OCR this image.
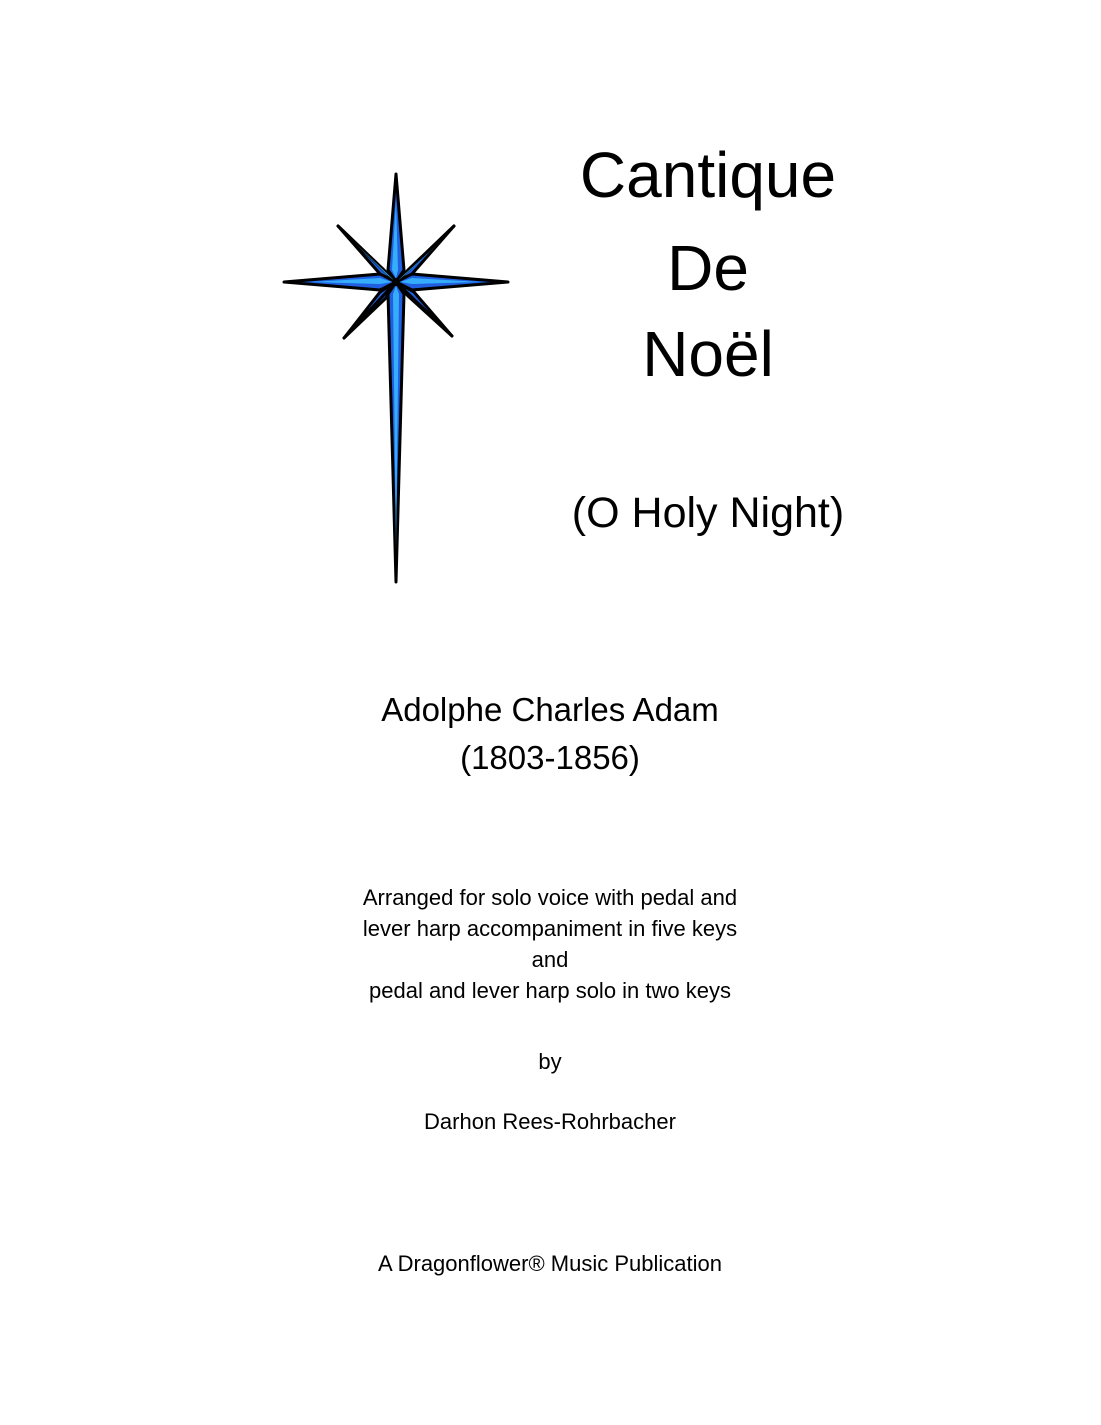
Cantique
De
Noël

(O Holy Night)

Adolphe Charles Adam
(1803-1856)
Arranged for solo voice with pedal and
lever harp accompaniment in five keys
and
pedal and lever harp solo in two keys

by

Darhon Rees-Rohrbacher

A Dragonflower® Music Publication
